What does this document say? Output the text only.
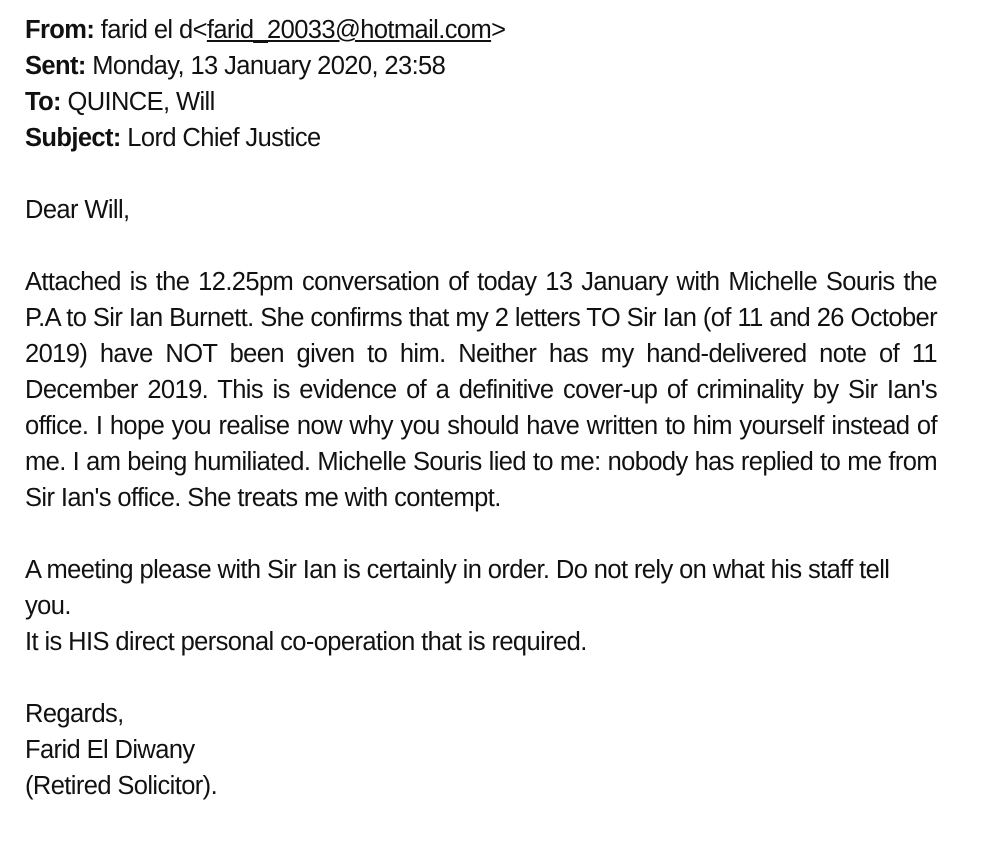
From: farid el d<farid_20033@hotmail.com>
Sent: Monday, 13 January 2020, 23:58
To: QUINCE, Will
Subject: Lord Chief Justice
Dear Will,

Attached is the 12.25pm conversation of today 13 January with Michelle Souris the P.A to Sir Ian Burnett. She confirms that my 2 letters TO Sir Ian (of 11 and 26 October 2019) have NOT been given to him. Neither has my hand-delivered note of 11 December 2019. This is evidence of a definitive cover-up of criminality by Sir Ian's office. I hope you realise now why you should have written to him yourself instead of me. I am being humiliated. Michelle Souris lied to me: nobody has replied to me from Sir Ian's office. She treats me with contempt.

A meeting please with Sir Ian is certainly in order. Do not rely on what his staff tell you.
It is HIS direct personal co-operation that is required.
Regards,
Farid El Diwany
(Retired Solicitor).
